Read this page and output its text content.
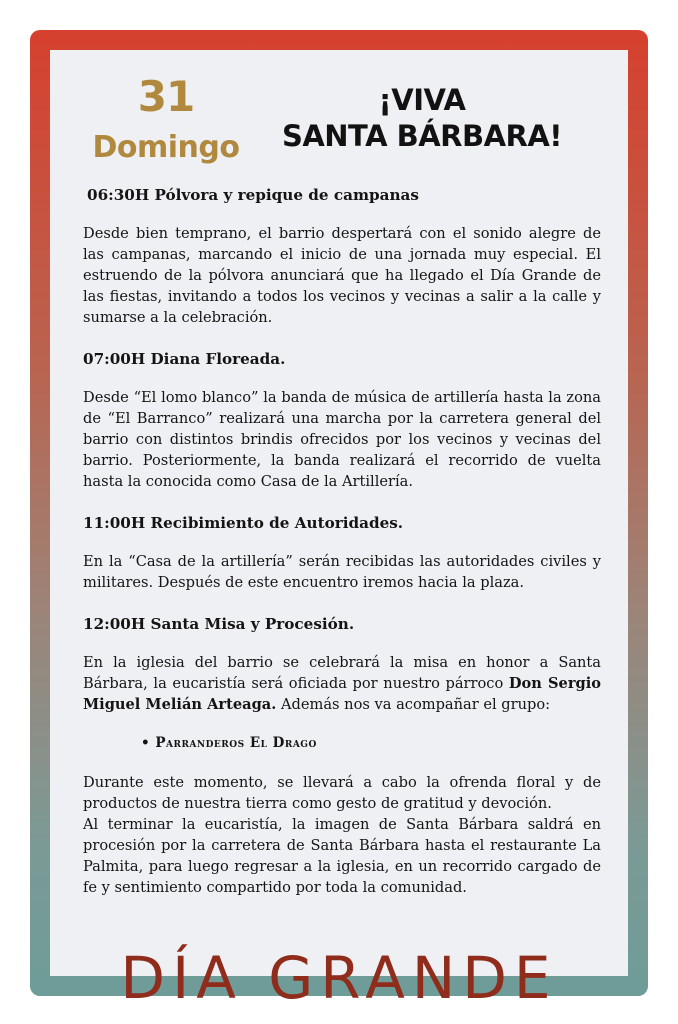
31
Domingo
¡VIVA
SANTA BÁRBARA!
06:30H Pólvora y repique de campanas

Desde bien temprano, el barrio despertará con el sonido alegre de las campanas, marcando el inicio de una jornada muy especial. El estruendo de la pólvora anunciará que ha llegado el Día Grande de las fiestas, invitando a todos los vecinos y vecinas a salir a la calle y sumarse a la celebración.

07:00H Diana Floreada.

Desde “El lomo blanco” la banda de música de artillería hasta la zona de “El Barranco” realizará una marcha por la carretera general del barrio con distintos brindis ofrecidos por los vecinos y vecinas del barrio. Posteriormente, la banda realizará el recorrido de vuelta hasta la conocida como Casa de la Artillería.

11:00H Recibimiento de Autoridades.

En la “Casa de la artillería” serán recibidas las autoridades civiles y militares. Después de este encuentro iremos hacia la plaza.

12:00H Santa Misa y Procesión.

En la iglesia del barrio se celebrará la misa en honor a Santa Bárbara, la eucaristía será oficiada por nuestro párroco Don Sergio Miguel Melián Arteaga. Además nos va acompañar el grupo:

• Parranderos El Drago

Durante este momento, se llevará a cabo la ofrenda floral y de productos de nuestra tierra como gesto de gratitud y devoción.

Al terminar la eucaristía, la imagen de Santa Bárbara saldrá en procesión por la carretera de Santa Bárbara hasta el restaurante La Palmita, para luego regresar a la iglesia, en un recorrido cargado de fe y sentimiento compartido por toda la comunidad.

DÍA GRANDE
